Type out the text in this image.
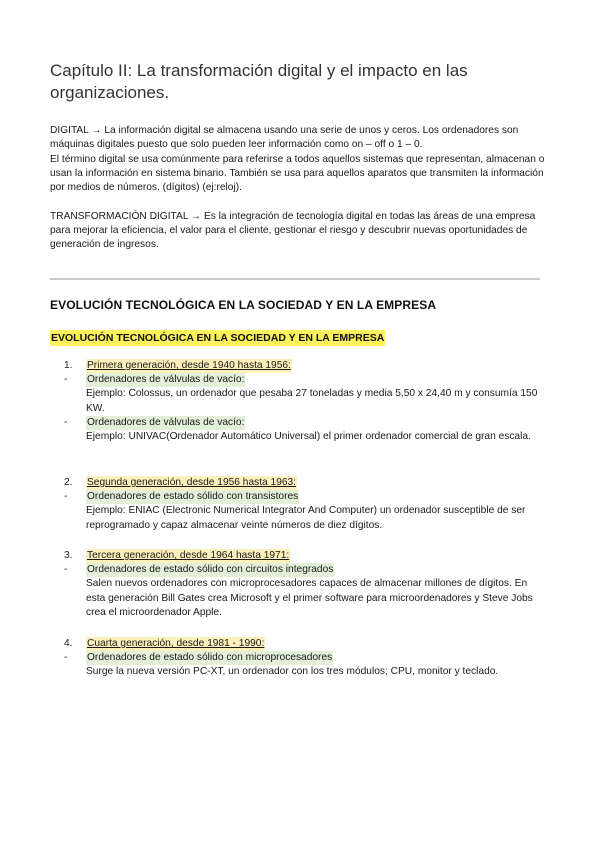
Capítulo II: La transformación digital y el impacto en las organizaciones.

DIGITAL → La información digital se almacena usando una serie de unos y ceros. Los ordenadores son máquinas digitales puesto que solo pueden leer información como on – off o 1 – 0.

El término digital se usa comúnmente para referirse a todos aquellos sistemas que representan, almacenan o usan la información en sistema binario. También se usa para aquellos aparatos que transmiten la información por medios de números. (dígitos) (ej:reloj).

TRANSFORMACIÓN DIGITAL → Es la integración de tecnología digital en todas las áreas de una empresa para mejorar la eficiencia, el valor para el cliente, gestionar el riesgo y descubrir nuevas oportunidades de generación de ingresos.

EVOLUCIÓN TECNOLÓGICA EN LA SOCIEDAD Y EN LA EMPRESA
EVOLUCIÓN TECNOLÓGICA EN LA SOCIEDAD Y EN LA EMPRESA
1.	Primera generación, desde 1940 hasta 1956:
-	Ordenadores de válvulas de vacío:
Ejemplo: Colossus, un ordenador que pesaba 27 toneladas y media 5,50 x 24,40 m y consumía 150 KW.
-	Ordenadores de válvulas de vacío:
Ejemplo: UNIVAC(Ordenador Automático Universal) el primer ordenador comercial de gran escala.
2.	Segunda generación, desde 1956 hasta 1963:
-	Ordenadores de estado sólido con transistores
Ejemplo: ENIAC (Electronic Numerical Integrator And Computer) un ordenador susceptible de ser reprogramado y capaz almacenar veinte números de diez dígitos.
3.	Tercera generación, desde 1964 hasta 1971:
-	Ordenadores de estado sólido con circuitos integrados
Salen nuevos ordenadores con microprocesadores capaces de almacenar millones de dígitos. En esta generación Bill Gates crea Microsoft y el primer software para microordenadores y Steve Jobs crea el microordenador Apple.
4.	Cuarta generación, desde 1981 - 1990:
-	Ordenadores de estado sólido con microprocesadores
Surge la nueva versión PC-XT, un ordenador con los tres módulos; CPU, monitor y teclado.
